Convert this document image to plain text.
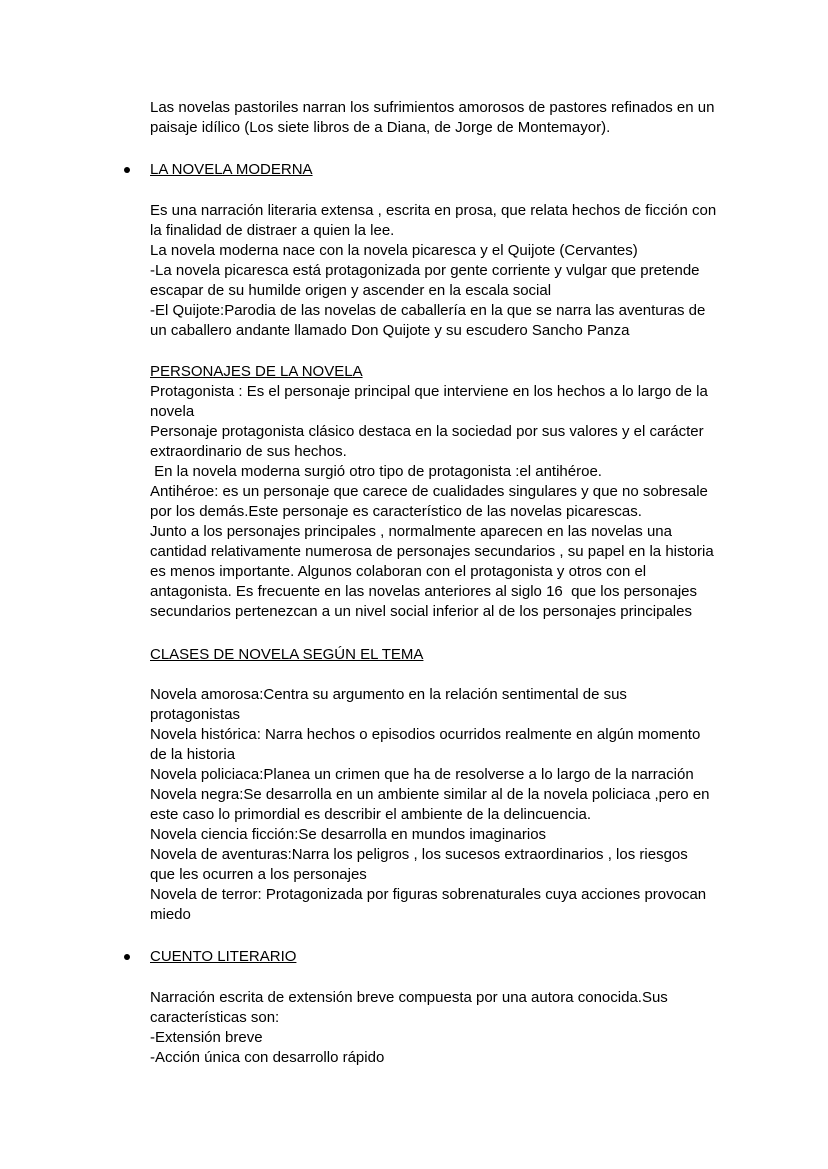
Las novelas pastoriles narran los sufrimientos amorosos de pastores refinados en un
paisaje idílico (Los siete libros de a Diana, de Jorge de Montemayor).
LA NOVELA MODERNA
Es una narración literaria extensa , escrita en prosa, que relata hechos de ficción con
la finalidad de distraer a quien la lee.
La novela moderna nace con la novela picaresca y el Quijote (Cervantes)
-La novela picaresca está protagonizada por gente corriente y vulgar que pretende
escapar de su humilde origen y ascender en la escala social
-El Quijote:Parodia de las novelas de caballería en la que se narra las aventuras de
un caballero andante llamado Don Quijote y su escudero Sancho Panza
PERSONAJES DE LA NOVELA
Protagonista : Es el personaje principal que interviene en los hechos a lo largo de la
novela
Personaje protagonista clásico destaca en la sociedad por sus valores y el carácter
extraordinario de sus hechos.
En la novela moderna surgió otro tipo de protagonista :el antihéroe.
Antihéroe: es un personaje que carece de cualidades singulares y que no sobresale
por los demás.Este personaje es característico de las novelas picarescas.
Junto a los personajes principales , normalmente aparecen en las novelas una
cantidad relativamente numerosa de personajes secundarios , su papel en la historia
es menos importante. Algunos colaboran con el protagonista y otros con el
antagonista. Es frecuente en las novelas anteriores al siglo 16  que los personajes
secundarios pertenezcan a un nivel social inferior al de los personajes principales
CLASES DE NOVELA SEGÚN EL TEMA
Novela amorosa:Centra su argumento en la relación sentimental de sus
protagonistas
Novela histórica: Narra hechos o episodios ocurridos realmente en algún momento
de la historia
Novela policiaca:Planea un crimen que ha de resolverse a lo largo de la narración
Novela negra:Se desarrolla en un ambiente similar al de la novela policiaca ,pero en
este caso lo primordial es describir el ambiente de la delincuencia.
Novela ciencia ficción:Se desarrolla en mundos imaginarios
Novela de aventuras:Narra los peligros , los sucesos extraordinarios , los riesgos
que les ocurren a los personajes
Novela de terror: Protagonizada por figuras sobrenaturales cuya acciones provocan
miedo
CUENTO LITERARIO
Narración escrita de extensión breve compuesta por una autora conocida.Sus
características son:
-Extensión breve
-Acción única con desarrollo rápido
